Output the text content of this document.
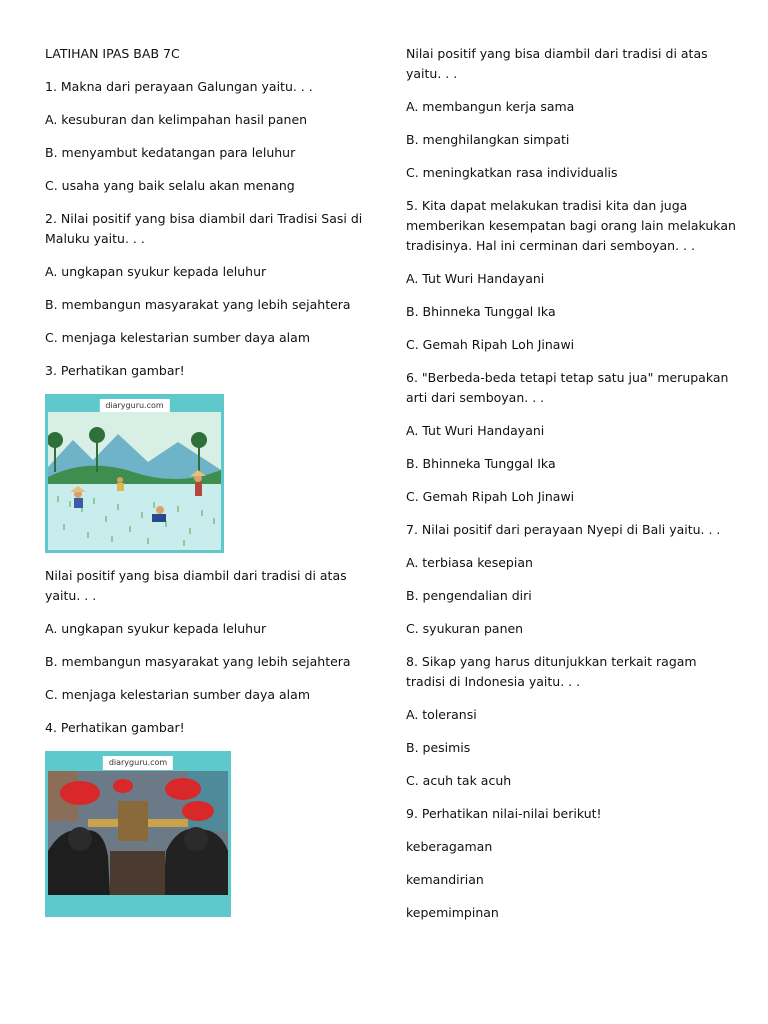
LATIHAN IPAS BAB 7C

1. Makna dari perayaan Galungan yaitu. . .

A. kesuburan dan kelimpahan hasil panen

B. menyambut kedatangan para leluhur

C. usaha yang baik selalu akan menang

2. Nilai positif yang bisa diambil dari Tradisi Sasi di Maluku yaitu. . .

A. ungkapan syukur kepada leluhur

B. membangun masyarakat yang lebih sejahtera

C. menjaga kelestarian sumber daya alam

3. Perhatikan gambar!

diaryguru.com

Nilai positif yang bisa diambil dari tradisi di atas yaitu. . .

A. ungkapan syukur kepada leluhur

B. membangun masyarakat yang lebih sejahtera

C. menjaga kelestarian sumber daya alam

4. Perhatikan gambar!

diaryguru.com

Nilai positif yang bisa diambil dari tradisi di atas yaitu. . .

A. membangun kerja sama

B. menghilangkan simpati

C. meningkatkan rasa individualis

5. Kita dapat melakukan tradisi kita dan juga memberikan kesempatan bagi orang lain melakukan tradisinya. Hal ini cerminan dari semboyan. . .

A. Tut Wuri Handayani

B. Bhinneka Tunggal Ika

C. Gemah Ripah Loh Jinawi

6. "Berbeda-beda tetapi tetap satu jua" merupakan arti dari semboyan. . .

A. Tut Wuri Handayani

B. Bhinneka Tunggal Ika

C. Gemah Ripah Loh Jinawi

7. Nilai positif dari perayaan Nyepi di Bali yaitu. . .

A. terbiasa kesepian

B. pengendalian diri

C. syukuran panen

8. Sikap yang harus ditunjukkan terkait ragam tradisi di Indonesia yaitu. . .

A. toleransi

B. pesimis

C. acuh tak acuh

9. Perhatikan nilai-nilai berikut!

keberagaman

kemandirian

kepemimpinan
